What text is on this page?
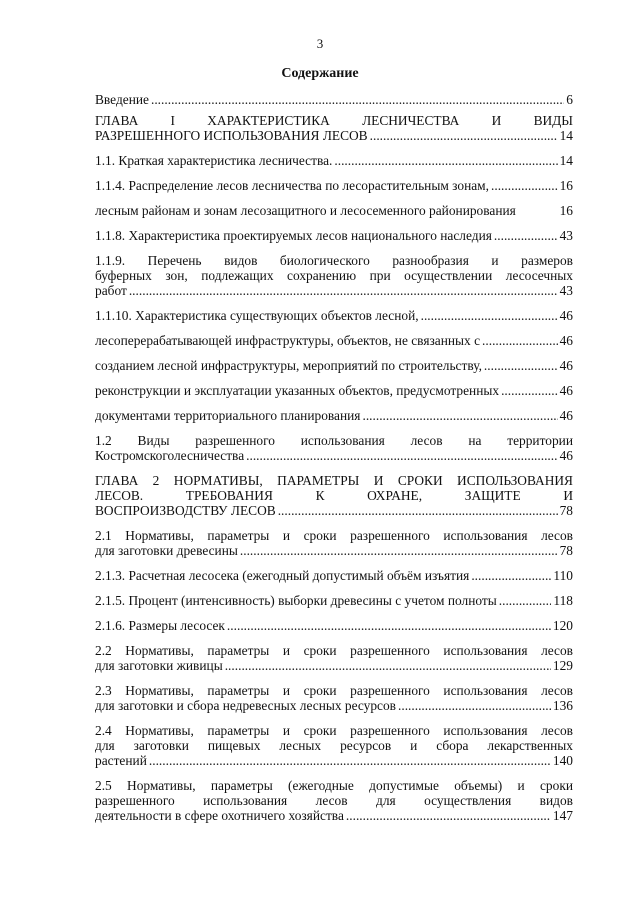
3
Содержание
Введение .....	6
ГЛАВА I ХАРАКТЕРИСТИКА ЛЕСНИЧЕСТВА И ВИДЫ
РАЗРЕШЕННОГО ИСПОЛЬЗОВАНИЯ ЛЕСОВ .....	14
1.1. Краткая характеристика лесничества. .....	14
1.1.4. Распределение лесов лесничества по лесорастительным зонам, .....	16
лесным районам и зонам лесозащитного и лесосеменного районирования	16
1.1.8. Характеристика проектируемых лесов национального наследия .....	43
1.1.9. Перечень видов биологического разнообразия и размеров
буферных зон, подлежащих сохранению при осуществлении лесосечных
работ .....	43
1.1.10. Характеристика существующих объектов лесной, .....	46
лесоперерабатывающей инфраструктуры, объектов, не связанных с .....	46
созданием лесной инфраструктуры, мероприятий по строительству, .....	46
реконструкции и эксплуатации указанных объектов, предусмотренных .....	46
документами территориального планирования .....	46
1.2 Виды разрешенного использования лесов на территории
Костромскоголесничества .....	46
ГЛАВА 2 НОРМАТИВЫ, ПАРАМЕТРЫ И СРОКИ ИСПОЛЬЗОВАНИЯ
ЛЕСОВ. ТРЕБОВАНИЯ К ОХРАНЕ, ЗАЩИТЕ И
ВОСПРОИЗВОДСТВУ ЛЕСОВ .....	78
2.1 Нормативы, параметры и сроки разрешенного использования лесов
для заготовки древесины .....	78
2.1.3. Расчетная лесосека (ежегодный допустимый объём изъятия .....	110
2.1.5. Процент (интенсивность) выборки древесины с учетом полноты .....	118
2.1.6. Размеры лесосек .....	120
2.2 Нормативы, параметры и сроки разрешенного использования лесов
для заготовки живицы .....	129
2.3 Нормативы, параметры и сроки разрешенного использования лесов
для заготовки и сбора недревесных лесных ресурсов .....	136
2.4 Нормативы, параметры и сроки разрешенного использования лесов
для заготовки пищевых лесных ресурсов и сбора лекарственных
растений .....	140
2.5 Нормативы, параметры (ежегодные допустимые объемы) и сроки
разрешенного использования лесов для осуществления видов
деятельности в сфере охотничего хозяйства .....	147
